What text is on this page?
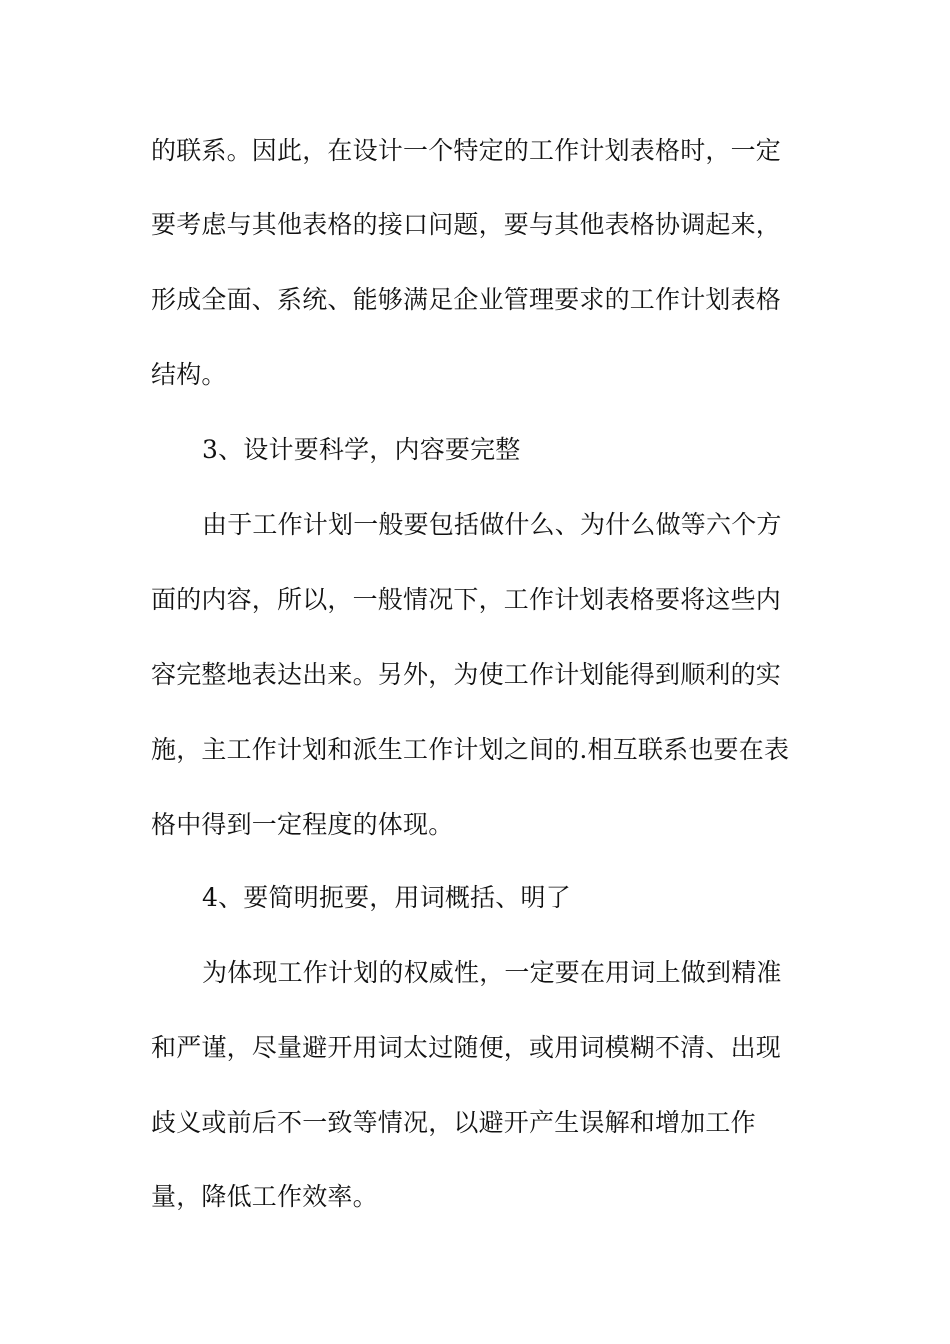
的联系。因此，在设计一个特定的工作计划表格时，一定
要考虑与其他表格的接口问题，要与其他表格协调起来，
形成全面、系统、能够满足企业管理要求的工作计划表格
结构。
3、设计要科学，内容要完整
由于工作计划一般要包括做什么、为什么做等六个方
面的内容，所以，一般情况下，工作计划表格要将这些内
容完整地表达出来。另外，为使工作计划能得到顺利的实
施，主工作计划和派生工作计划之间的.相互联系也要在表
格中得到一定程度的体现。
4、要简明扼要，用词概括、明了
为体现工作计划的权威性，一定要在用词上做到精准
和严谨，尽量避开用词太过随便，或用词模糊不清、出现
歧义或前后不一致等情况，以避开产生误解和增加工作
量，降低工作效率。
